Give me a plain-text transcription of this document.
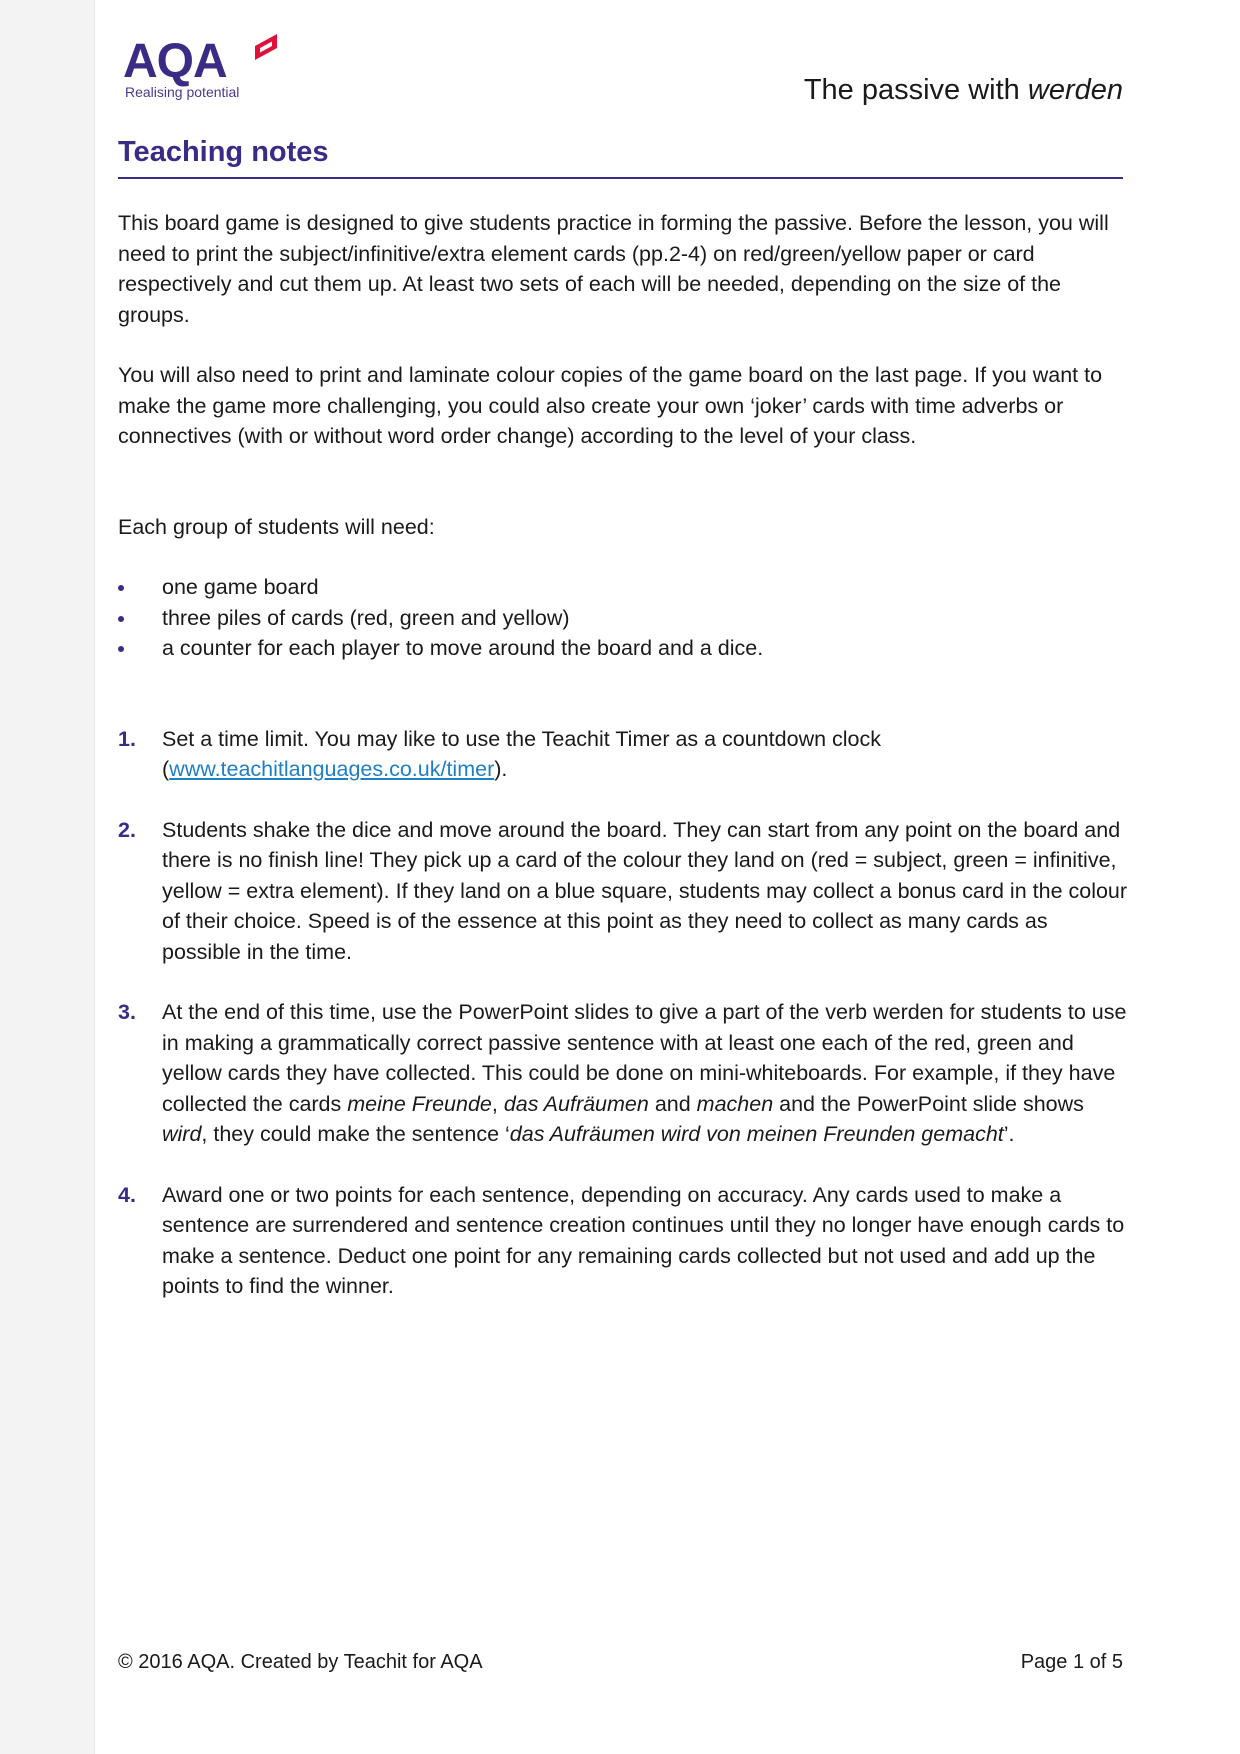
AQA
Realising potential	The passive with werden
Teaching notes

This board game is designed to give students practice in forming the passive. Before the lesson, you will need to print the subject/infinitive/extra element cards (pp.2-4) on red/green/yellow paper or card respectively and cut them up. At least two sets of each will be needed, depending on the size of the groups.

You will also need to print and laminate colour copies of the game board on the last page. If you want to make the game more challenging, you could also create your own ‘joker’ cards with time adverbs or connectives (with or without word order change) according to the level of your class.

Each group of students will need:

one game board
three piles of cards (red, green and yellow)
a counter for each player to move around the board and a dice.
1. Set a time limit. You may like to use the Teachit Timer as a countdown clock (www.teachitlanguages.co.uk/timer).
2. Students shake the dice and move around the board. They can start from any point on the board and there is no finish line! They pick up a card of the colour they land on (red = subject, green = infinitive, yellow = extra element). If they land on a blue square, students may collect a bonus card in the colour of their choice. Speed is of the essence at this point as they need to collect as many cards as possible in the time.
3. At the end of this time, use the PowerPoint slides to give a part of the verb werden for students to use in making a grammatically correct passive sentence with at least one each of the red, green and yellow cards they have collected. This could be done on mini-whiteboards. For example, if they have collected the cards meine Freunde, das Aufräumen and machen and the PowerPoint slide shows wird, they could make the sentence ‘das Aufräumen wird von meinen Freunden gemacht’.
4. Award one or two points for each sentence, depending on accuracy. Any cards used to make a sentence are surrendered and sentence creation continues until they no longer have enough cards to make a sentence. Deduct one point for any remaining cards collected but not used and add up the points to find the winner.
© 2016 AQA. Created by Teachit for AQA	Page 1 of 5
